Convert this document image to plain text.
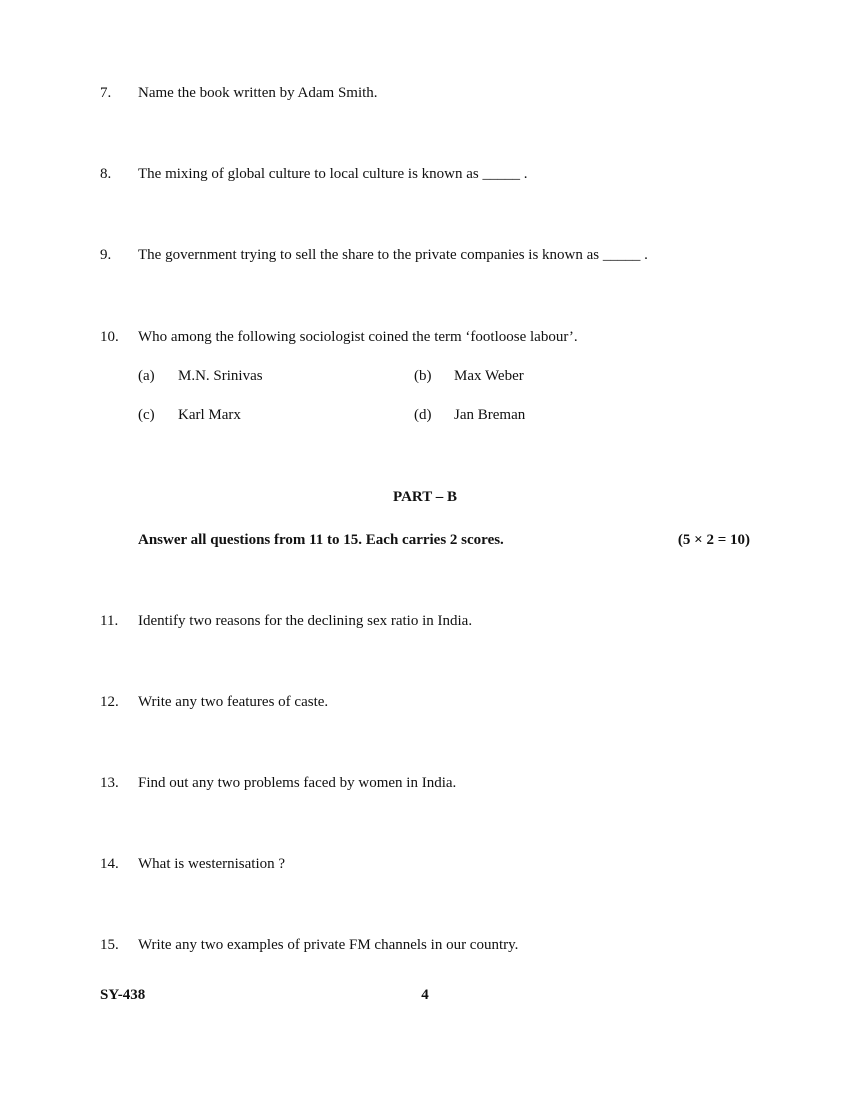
7. Name the book written by Adam Smith.
8. The mixing of global culture to local culture is known as _____ .
9. The government trying to sell the share to the private companies is known as _____ .
10. Who among the following sociologist coined the term ‘footloose labour’.
(a) M.N. Srinivas	(b) Max Weber
(c) Karl Marx	(d) Jan Breman
PART – B
Answer all questions from 11 to 15. Each carries 2 scores.	(5 × 2 = 10)
11. Identify two reasons for the declining sex ratio in India.
12. Write any two features of caste.
13. Find out any two problems faced by women in India.
14. What is westernisation ?
15. Write any two examples of private FM channels in our country.
SY-438	4
